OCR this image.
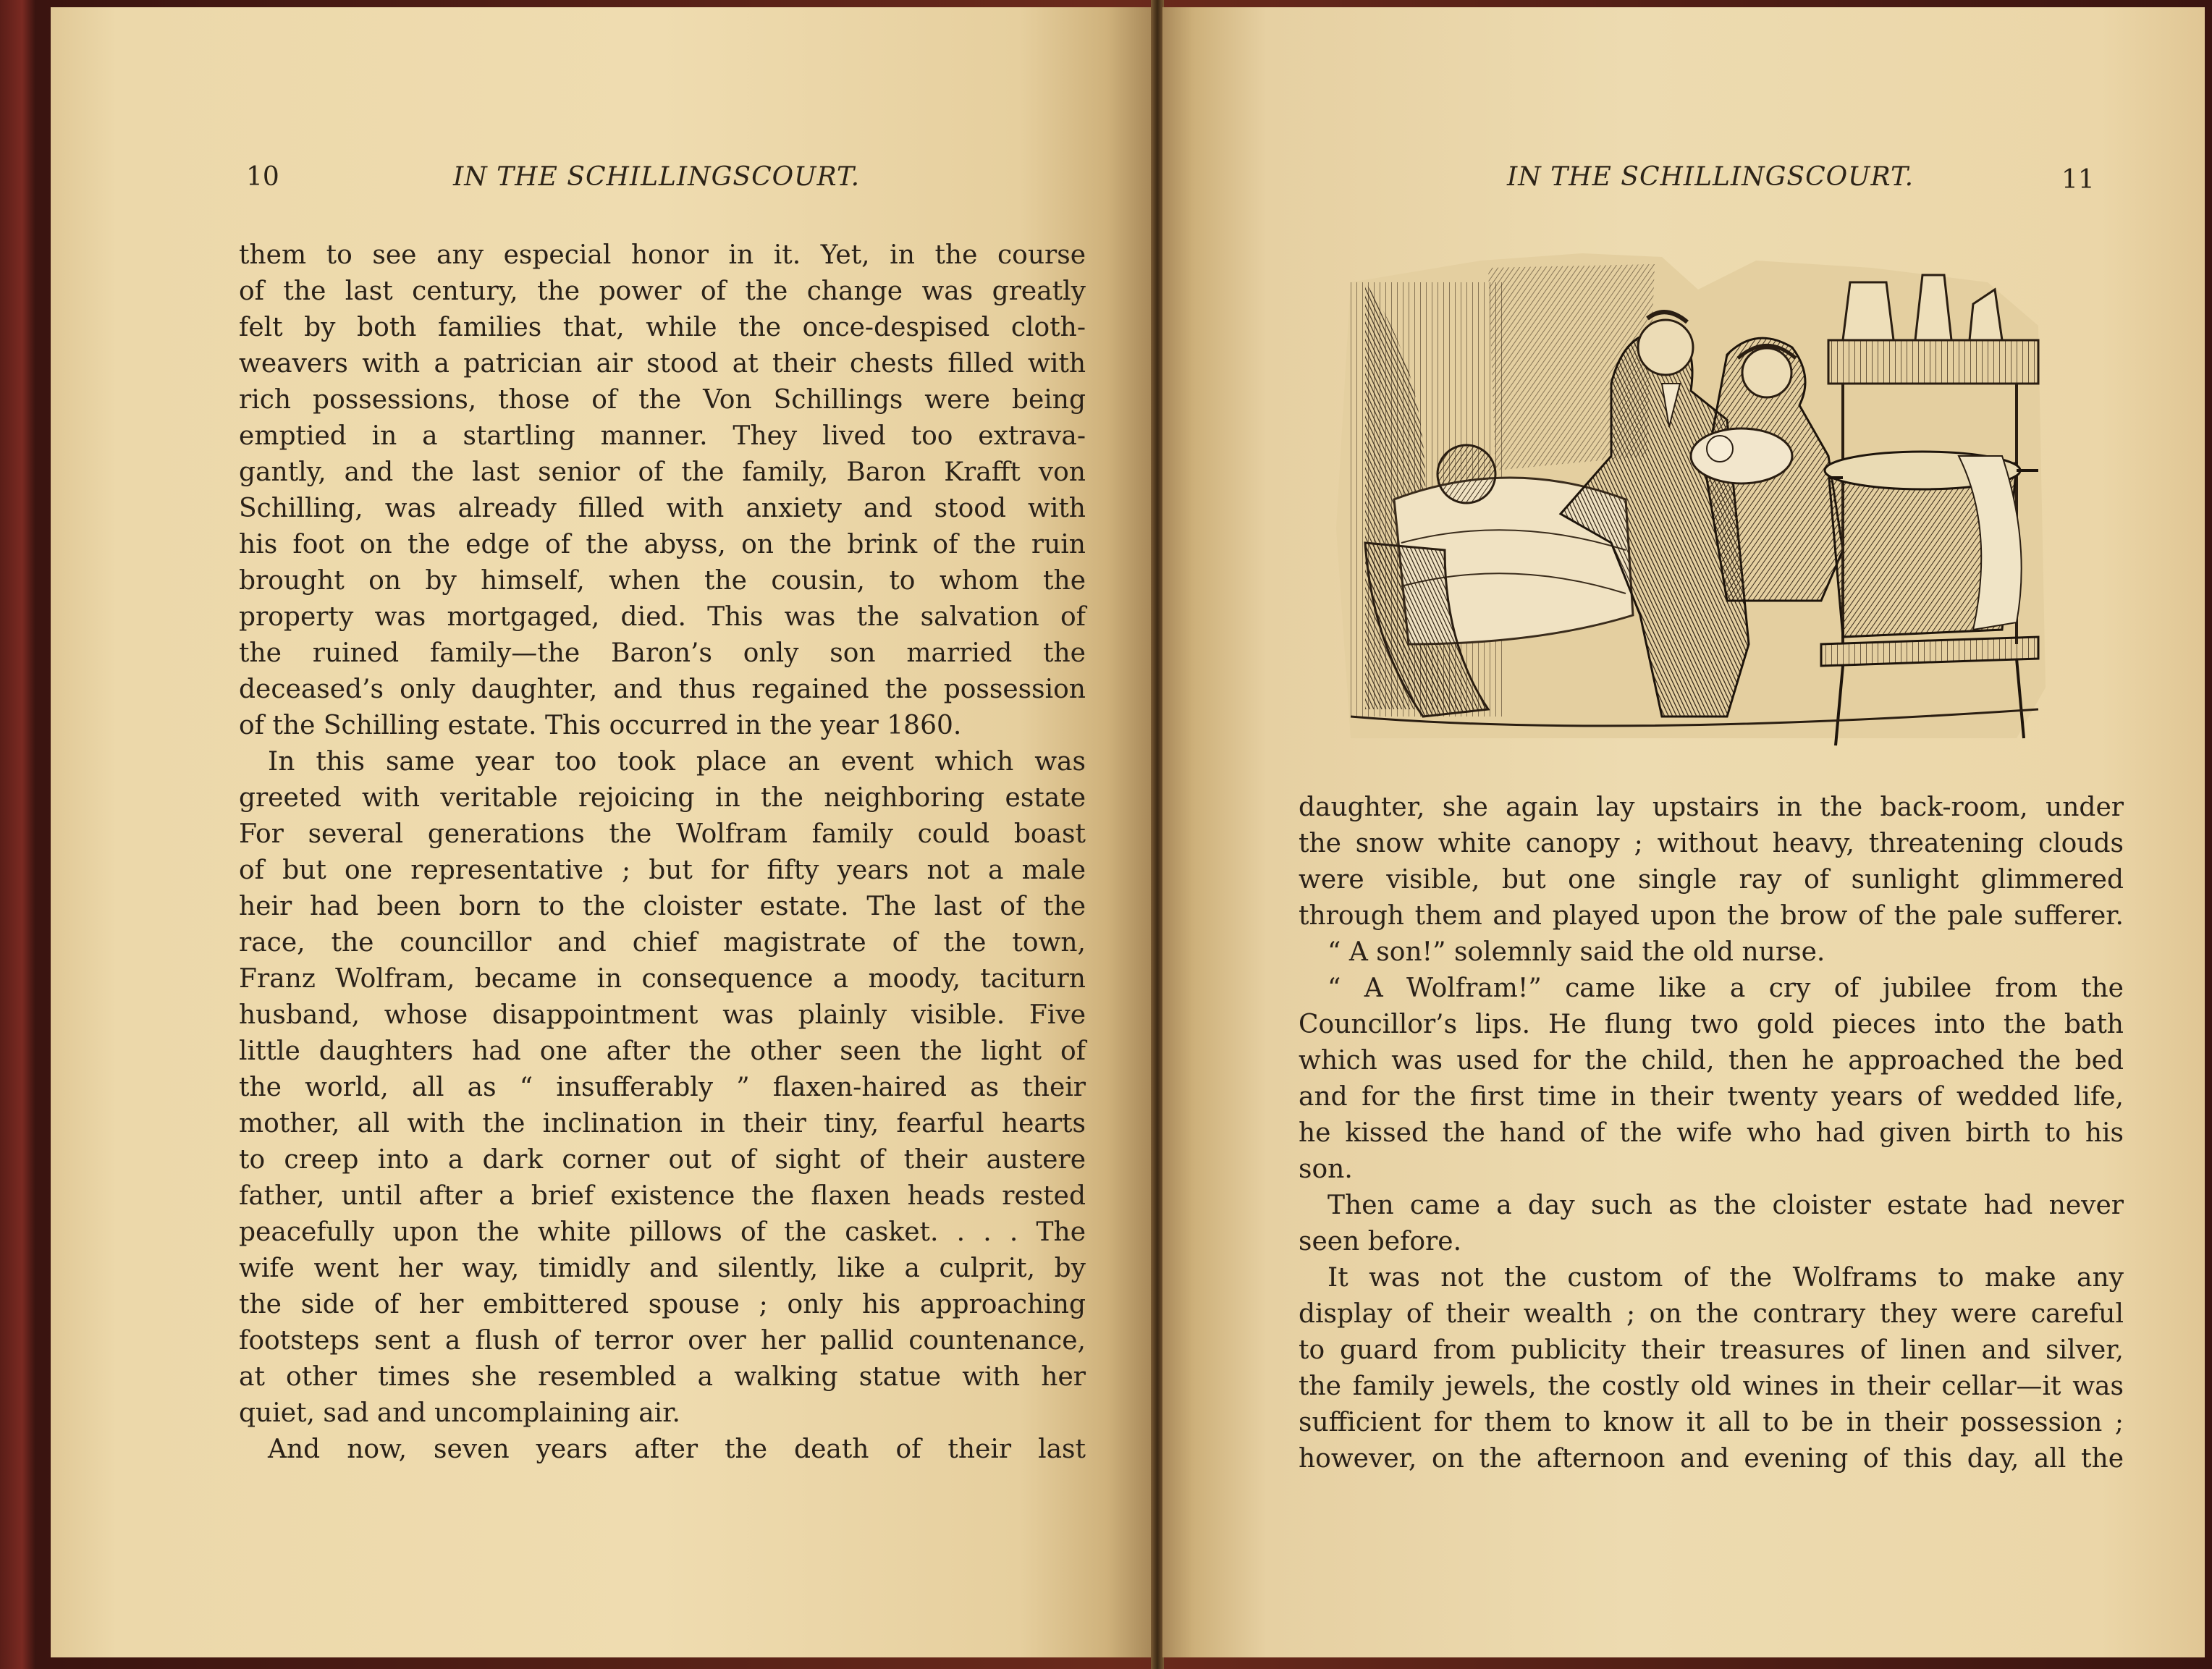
10	IN THE SCHILLINGSCOURT.
them to see any especial honor in it. Yet, in the course
of the last century, the power of the change was greatly
felt by both families that, while the once-despised cloth-
weavers with a patrician air stood at their chests filled with
rich possessions, those of the Von Schillings were being
emptied in a startling manner. They lived too extrava-
gantly, and the last senior of the family, Baron Krafft von
Schilling, was already filled with anxiety and stood with
his foot on the edge of the abyss, on the brink of the ruin
brought on by himself, when the cousin, to whom the
property was mortgaged, died. This was the salvation of
the ruined family—the Baron’s only son married the
deceased’s only daughter, and thus regained the possession
of the Schilling estate. This occurred in the year 1860.
In this same year too took place an event which was
greeted with veritable rejoicing in the neighboring estate
For several generations the Wolfram family could boast
of but one representative ; but for fifty years not a male
heir had been born to the cloister estate. The last of the
race, the councillor and chief magistrate of the town,
Franz Wolfram, became in consequence a moody, taciturn
husband, whose disappointment was plainly visible. Five
little daughters had one after the other seen the light of
the world, all as “ insufferably ” flaxen-haired as their
mother, all with the inclination in their tiny, fearful hearts
to creep into a dark corner out of sight of their austere
father, until after a brief existence the flaxen heads rested
peacefully upon the white pillows of the casket. . . . The
wife went her way, timidly and silently, like a culprit, by
the side of her embittered spouse ; only his approaching
footsteps sent a flush of terror over her pallid countenance,
at other times she resembled a walking statue with her
quiet, sad and uncomplaining air.
And now, seven years after the death of their last
IN THE SCHILLINGSCOURT.	11
daughter, she again lay upstairs in the back-room, under
the snow white canopy ; without heavy, threatening clouds
were visible, but one single ray of sunlight glimmered
through them and played upon the brow of the pale sufferer.
“ A son!” solemnly said the old nurse.
“ A Wolfram!” came like a cry of jubilee from the
Councillor’s lips. He flung two gold pieces into the bath
which was used for the child, then he approached the bed
and for the first time in their twenty years of wedded life,
he kissed the hand of the wife who had given birth to his
son.
Then came a day such as the cloister estate had never
seen before.
It was not the custom of the Wolframs to make any
display of their wealth ; on the contrary they were careful
to guard from publicity their treasures of linen and silver,
the family jewels, the costly old wines in their cellar—it was
sufficient for them to know it all to be in their possession ;
however, on the afternoon and evening of this day, all the
